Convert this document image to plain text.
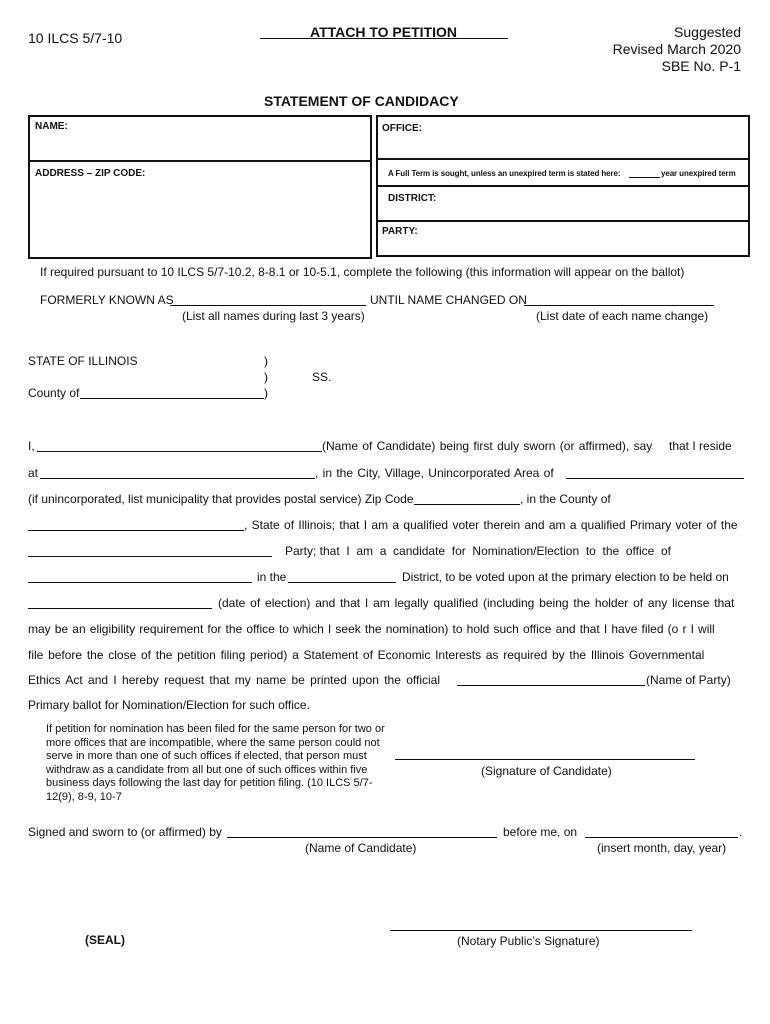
10 ILCS 5/7-10	ATTACH TO PETITION	Suggested
Revised March 2020
SBE No. P-1
STATEMENT OF CANDIDACY
NAME:	OFFICE:
ADDRESS – ZIP CODE:	A Full Term is sought, unless an unexpired term is stated here:	year unexpired term
DISTRICT:
PARTY:
If required pursuant to 10 ILCS 5/7-10.2, 8-8.1 or 10-5.1, complete the following (this information will appear on the ballot)
FORMERLY KNOWN AS	UNTIL NAME CHANGED ON
(List all names during last 3 years)	(List date of each name change)
STATE OF ILLINOIS	)
)	SS.
County of	)
I,	(Name of Candidate) being first duly sworn (or affirmed), say that I reside
at	, in the City, Village, Unincorporated Area of
(if unincorporated, list municipality that provides postal service) Zip Code	, in the County of
, State of Illinois; that I am a qualified voter therein and am a qualified Primary voter of the
Party; that  I  am  a  candidate  for  Nomination/Election  to  the  office  of
in the	District, to be voted upon at the primary election to be held on
(date of election) and that I am legally qualified (including being the holder of any license that
may be an eligibility requirement for the office to which I seek the nomination) to hold such office and that I have filed (o r I will
file before the close of the petition filing period) a Statement of Economic Interests as required by the Illinois Governmental
Ethics Act and I hereby request that my name be printed upon the official	(Name of Party)
Primary ballot for Nomination/Election for such office.
If petition for nomination has been filed for the same person for two or more offices that are incompatible, where the same person could not serve in more than one of such offices if elected, that person must withdraw as a candidate from all but one of such offices within five business days following the last day for petition filing. (10 ILCS 5/7-12(9), 8-9, 10-7
(Signature of Candidate)
Signed and sworn to (or affirmed) by	before me, on	.
(Name of Candidate)	(insert month, day, year)
(SEAL)	(Notary Public’s Signature)
